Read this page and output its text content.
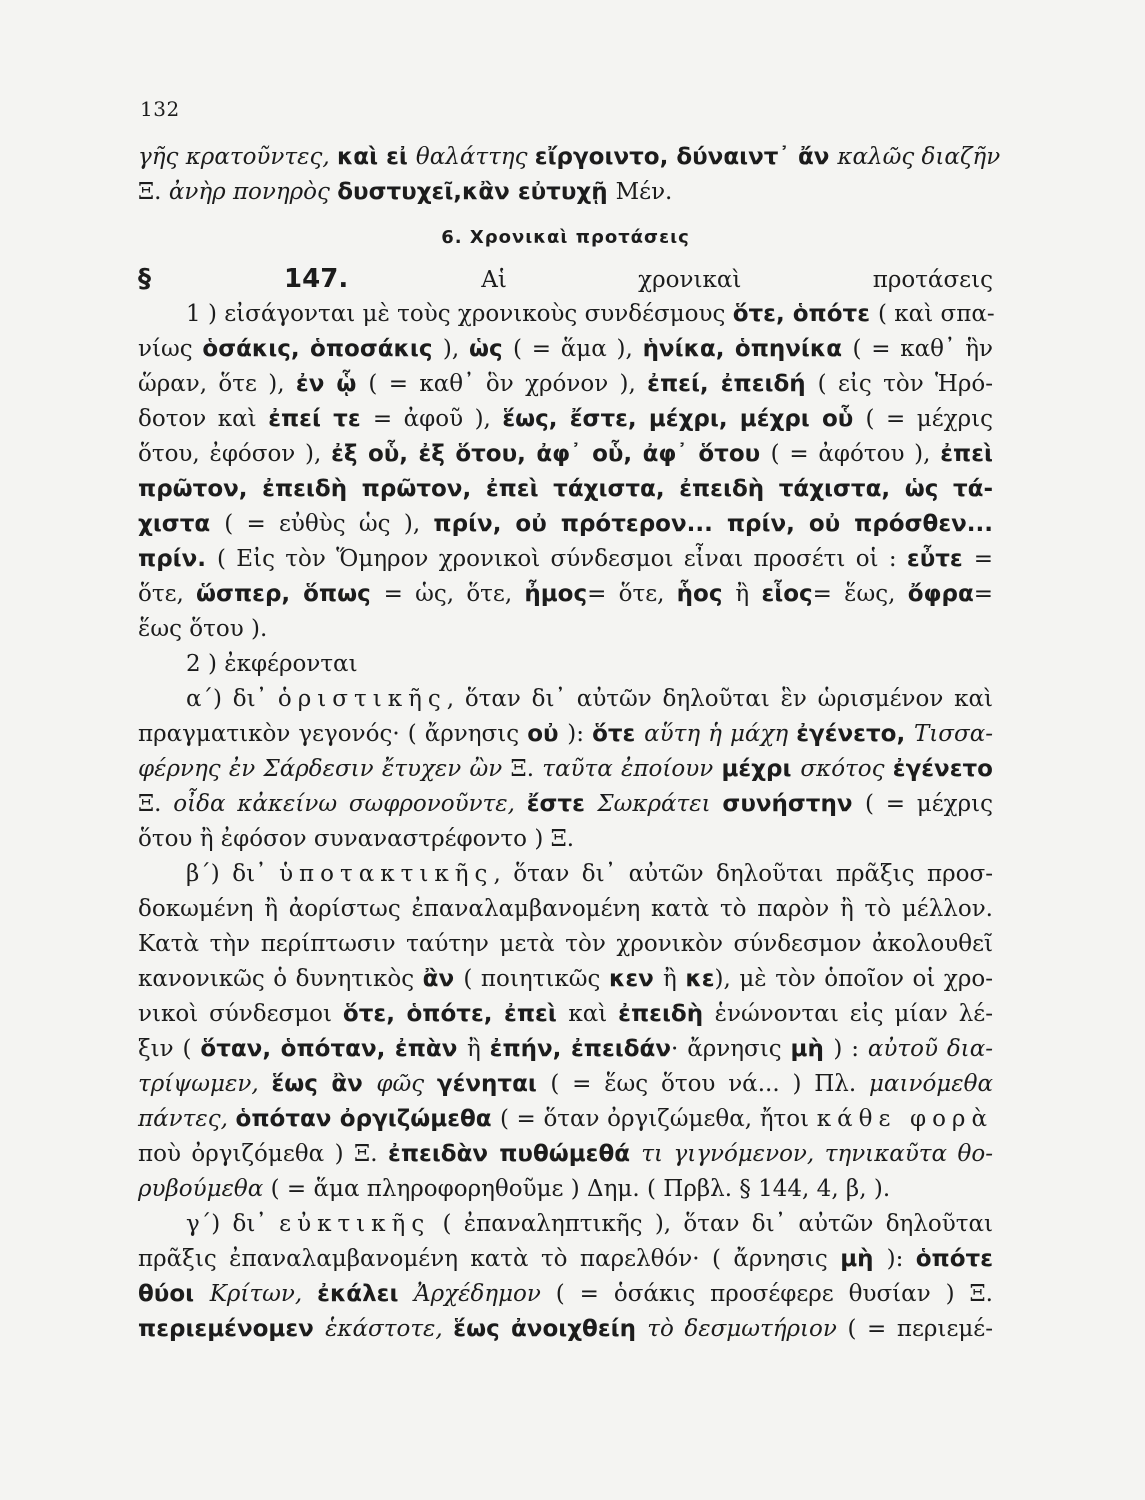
132
γῆς κρατοῦντες, καὶ εἰ θαλάττης εἴργοιντο, δύναιντ᾽ ἄν καλῶς διαζῆν
Ξ. ἀνὴρ πονηρὸς δυστυχεῖ,κἂν εὐτυχῇ Μέν.
6. Χρονικαὶ προτάσεις
§ 147. Αἱ χρονικαὶ προτάσεις
1 ) εἰσάγονται μὲ τοὺς χρονικοὺς συνδέσμους ὅτε, ὁπότε ( καὶ σπα-
νίως ὁσάκις, ὁποσάκις ), ὡς ( = ἅμα ), ἡνίκα, ὁπηνίκα ( = καθ᾽ ἣν
ὥραν, ὅτε ), ἐν ᾧ ( = καθ᾽ ὃν χρόνον ), ἐπεί, ἐπειδή ( εἰς τὸν Ἡρό-
δοτον καὶ ἐπεί τε = ἀφοῦ ), ἕως, ἔστε, μέχρι, μέχρι οὗ ( = μέχρις
ὅτου, ἐφόσον ), ἐξ οὗ, ἐξ ὅτου, ἀφ᾽ οὗ, ἀφ᾽ ὅτου ( = ἀφότου ), ἐπεὶ
πρῶτον, ἐπειδὴ πρῶτον, ἐπεὶ τάχιστα, ἐπειδὴ τάχιστα, ὡς τά-
χιστα ( = εὐθὺς ὡς ), πρίν, οὐ πρότερον... πρίν, οὐ πρόσθεν...
πρίν. ( Εἰς τὸν Ὅμηρον χρονικοὶ σύνδεσμοι εἶναι προσέτι οἱ : εὖτε =
ὅτε, ὥσπερ, ὅπως = ὡς, ὅτε, ἦμος= ὅτε, ἧος ἢ εἷος= ἕως, ὄφρα=
ἕως ὅτου ).
2 ) ἐκφέρονται
α΄) δι᾽ ὁριστικῆς, ὅταν δι᾽ αὐτῶν δηλοῦται ἓν ὡρισμένον καὶ
πραγματικὸν γεγονός· ( ἄρνησις οὐ ): ὅτε αὕτη ἡ μάχη ἐγένετο, Τισσα-
φέρνης ἐν Σάρδεσιν ἔτυχεν ὢν Ξ. ταῦτα ἐποίουν μέχρι σκότος ἐγένετο
Ξ. οἶδα κἀκείνω σωφρονοῦντε, ἔστε Σωκράτει συνήστην ( = μέχρις
ὅτου ἢ ἐφόσον συναναστρέφοντο ) Ξ.
β΄) δι᾽ ὑποτακτικῆς, ὅταν δι᾽ αὐτῶν δηλοῦται πρᾶξις προσ-
δοκωμένη ἢ ἀορίστως ἐπαναλαμβανομένη κατὰ τὸ παρὸν ἢ τὸ μέλλον.
Κατὰ τὴν περίπτωσιν ταύτην μετὰ τὸν χρονικὸν σύνδεσμον ἀκολουθεῖ
κανονικῶς ὁ δυνητικὸς ἂν ( ποιητικῶς κεν ἢ κε), μὲ τὸν ὁποῖον οἱ χρο-
νικοὶ σύνδεσμοι ὅτε, ὁπότε, ἐπεὶ καὶ ἐπειδὴ ἑνώνονται εἰς μίαν λέ-
ξιν ( ὅταν, ὁπόταν, ἐπὰν ἢ ἐπήν, ἐπειδάν· ἄρνησις μὴ ) : αὐτοῦ δια-
τρίψωμεν, ἕως ἂν φῶς γένηται ( = ἕως ὅτου νά... ) Πλ. μαινόμεθα
πάντες, ὁπόταν ὀργιζώμεθα ( = ὅταν ὀργιζώμεθα, ἤτοι κάθε φορὰ
ποὺ ὀργιζόμεθα ) Ξ. ἐπειδὰν πυθώμεθά τι γιγνόμενον, τηνικαῦτα θο-
ρυβούμεθα ( = ἅμα πληροφορηθοῦμε ) Δημ. ( Πρβλ. § 144, 4, β, ).
γ΄) δι᾽ εὐκτικῆς ( ἐπαναληπτικῆς ), ὅταν δι᾽ αὐτῶν δηλοῦται
πρᾶξις ἐπαναλαμβανομένη κατὰ τὸ παρελθόν· ( ἄρνησις μὴ ): ὁπότε
θύοι Κρίτων, ἐκάλει Ἀρχέδημον ( = ὁσάκις προσέφερε θυσίαν ) Ξ.
περιεμένομεν ἑκάστοτε, ἕως ἀνοιχθείη τὸ δεσμωτήριον ( = περιεμέ-
